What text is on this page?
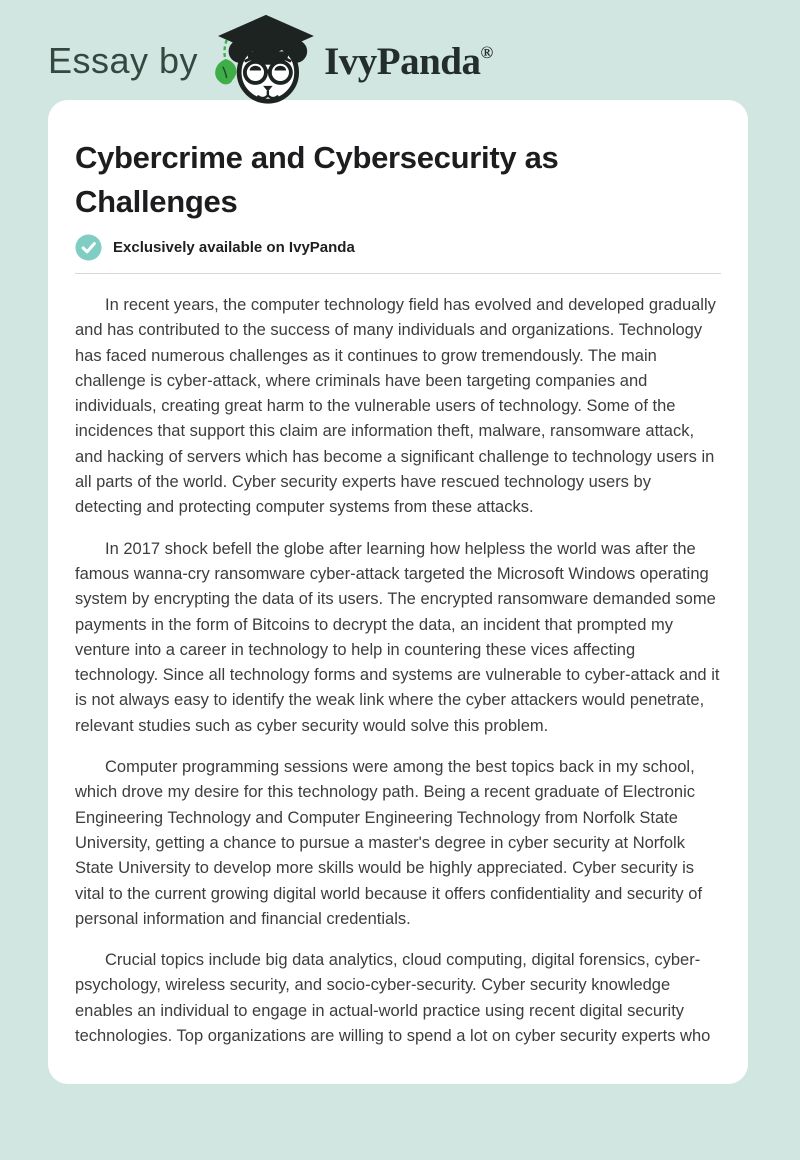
Essay by	IvyPanda®
Cybercrime and Cybersecurity as Challenges
Exclusively available on IvyPanda

In recent years, the computer technology field has evolved and developed gradually and has contributed to the success of many individuals and organizations. Technology has faced numerous challenges as it continues to grow tremendously. The main challenge is cyber-attack, where criminals have been targeting companies and individuals, creating great harm to the vulnerable users of technology. Some of the incidences that support this claim are information theft, malware, ransomware attack, and hacking of servers which has become a significant challenge to technology users in all parts of the world. Cyber security experts have rescued technology users by detecting and protecting computer systems from these attacks.

In 2017 shock befell the globe after learning how helpless the world was after the famous wanna-cry ransomware cyber-attack targeted the Microsoft Windows operating system by encrypting the data of its users. The encrypted ransomware demanded some payments in the form of Bitcoins to decrypt the data, an incident that prompted my venture into a career in technology to help in countering these vices affecting technology. Since all technology forms and systems are vulnerable to cyber-attack and it is not always easy to identify the weak link where the cyber attackers would penetrate, relevant studies such as cyber security would solve this problem.

Computer programming sessions were among the best topics back in my school, which drove my desire for this technology path. Being a recent graduate of Electronic Engineering Technology and Computer Engineering Technology from Norfolk State University, getting a chance to pursue a master's degree in cyber security at Norfolk State University to develop more skills would be highly appreciated. Cyber security is vital to the current growing digital world because it offers confidentiality and security of personal information and financial credentials.

Crucial topics include big data analytics, cloud computing, digital forensics, cyber-psychology, wireless security, and socio-cyber-security. Cyber security knowledge enables an individual to engage in actual-world practice using recent digital security technologies. Top organizations are willing to spend a lot on cyber security experts who
